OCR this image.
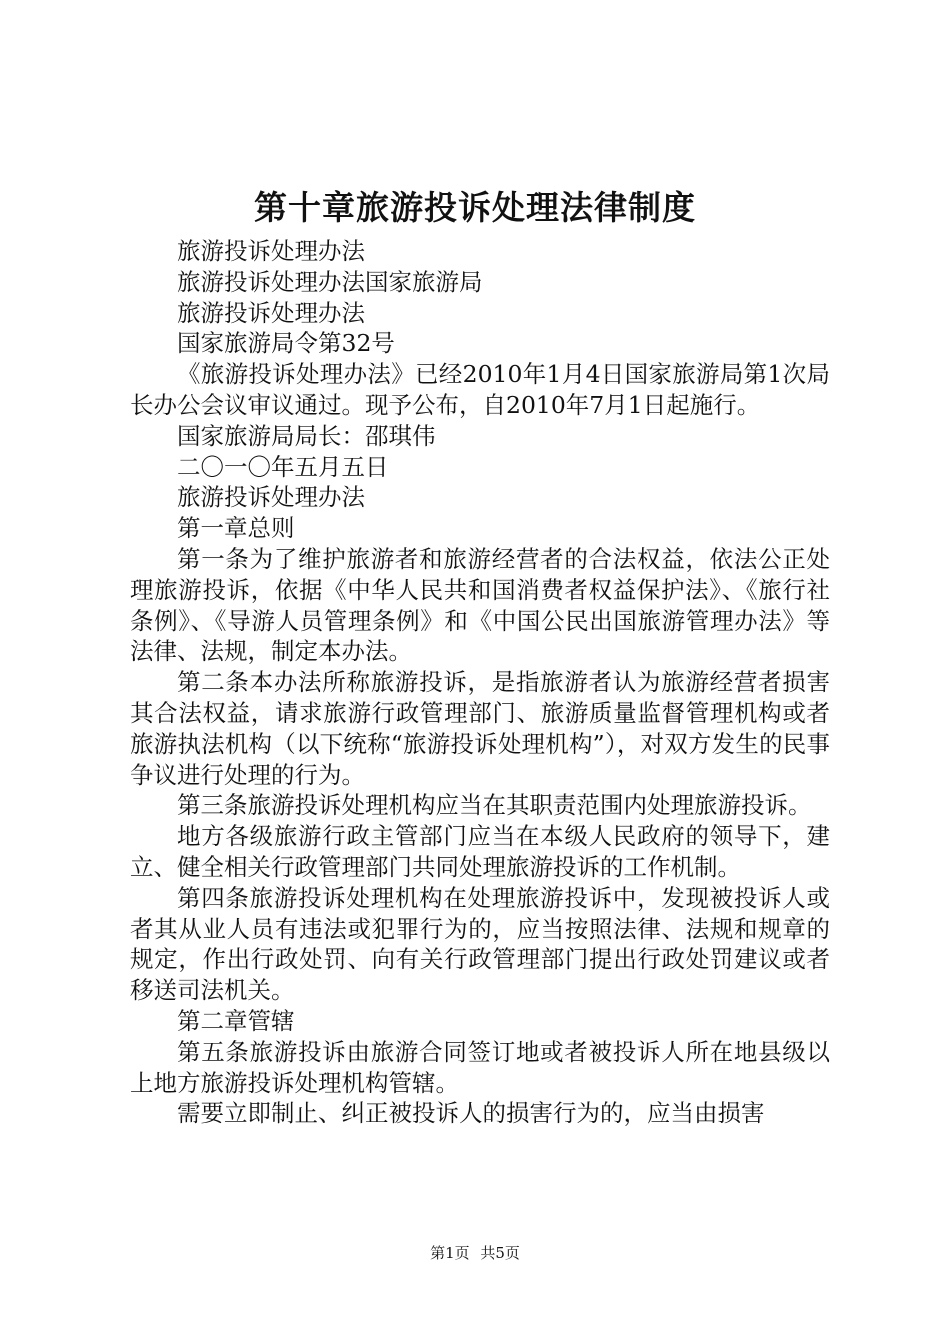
第十章旅游投诉处理法律制度

旅游投诉处理办法

旅游投诉处理办法国家旅游局

旅游投诉处理办法

国家旅游局令第32号

《旅游投诉处理办法》已经2010年1月4日国家旅游局第1次局长办公会议审议通过。现予公布，自2010年7月1日起施行。

国家旅游局局长：邵琪伟

二〇一〇年五月五日

旅游投诉处理办法

第一章总则

第一条为了维护旅游者和旅游经营者的合法权益，依法公正处理旅游投诉，依据《中华人民共和国消费者权益保护法》、《旅行社条例》、《导游人员管理条例》和《中国公民出国旅游管理办法》等法律、法规，制定本办法。

第二条本办法所称旅游投诉，是指旅游者认为旅游经营者损害其合法权益，请求旅游行政管理部门、旅游质量监督管理机构或者旅游执法机构（以下统称“旅游投诉处理机构”），对双方发生的民事争议进行处理的行为。

第三条旅游投诉处理机构应当在其职责范围内处理旅游投诉。

地方各级旅游行政主管部门应当在本级人民政府的领导下，建立、健全相关行政管理部门共同处理旅游投诉的工作机制。

第四条旅游投诉处理机构在处理旅游投诉中，发现被投诉人或者其从业人员有违法或犯罪行为的，应当按照法律、法规和规章的规定，作出行政处罚、向有关行政管理部门提出行政处罚建议或者移送司法机关。

第二章管辖

第五条旅游投诉由旅游合同签订地或者被投诉人所在地县级以上地方旅游投诉处理机构管辖。

需要立即制止、纠正被投诉人的损害行为的，应当由损害

第1页 共5页
